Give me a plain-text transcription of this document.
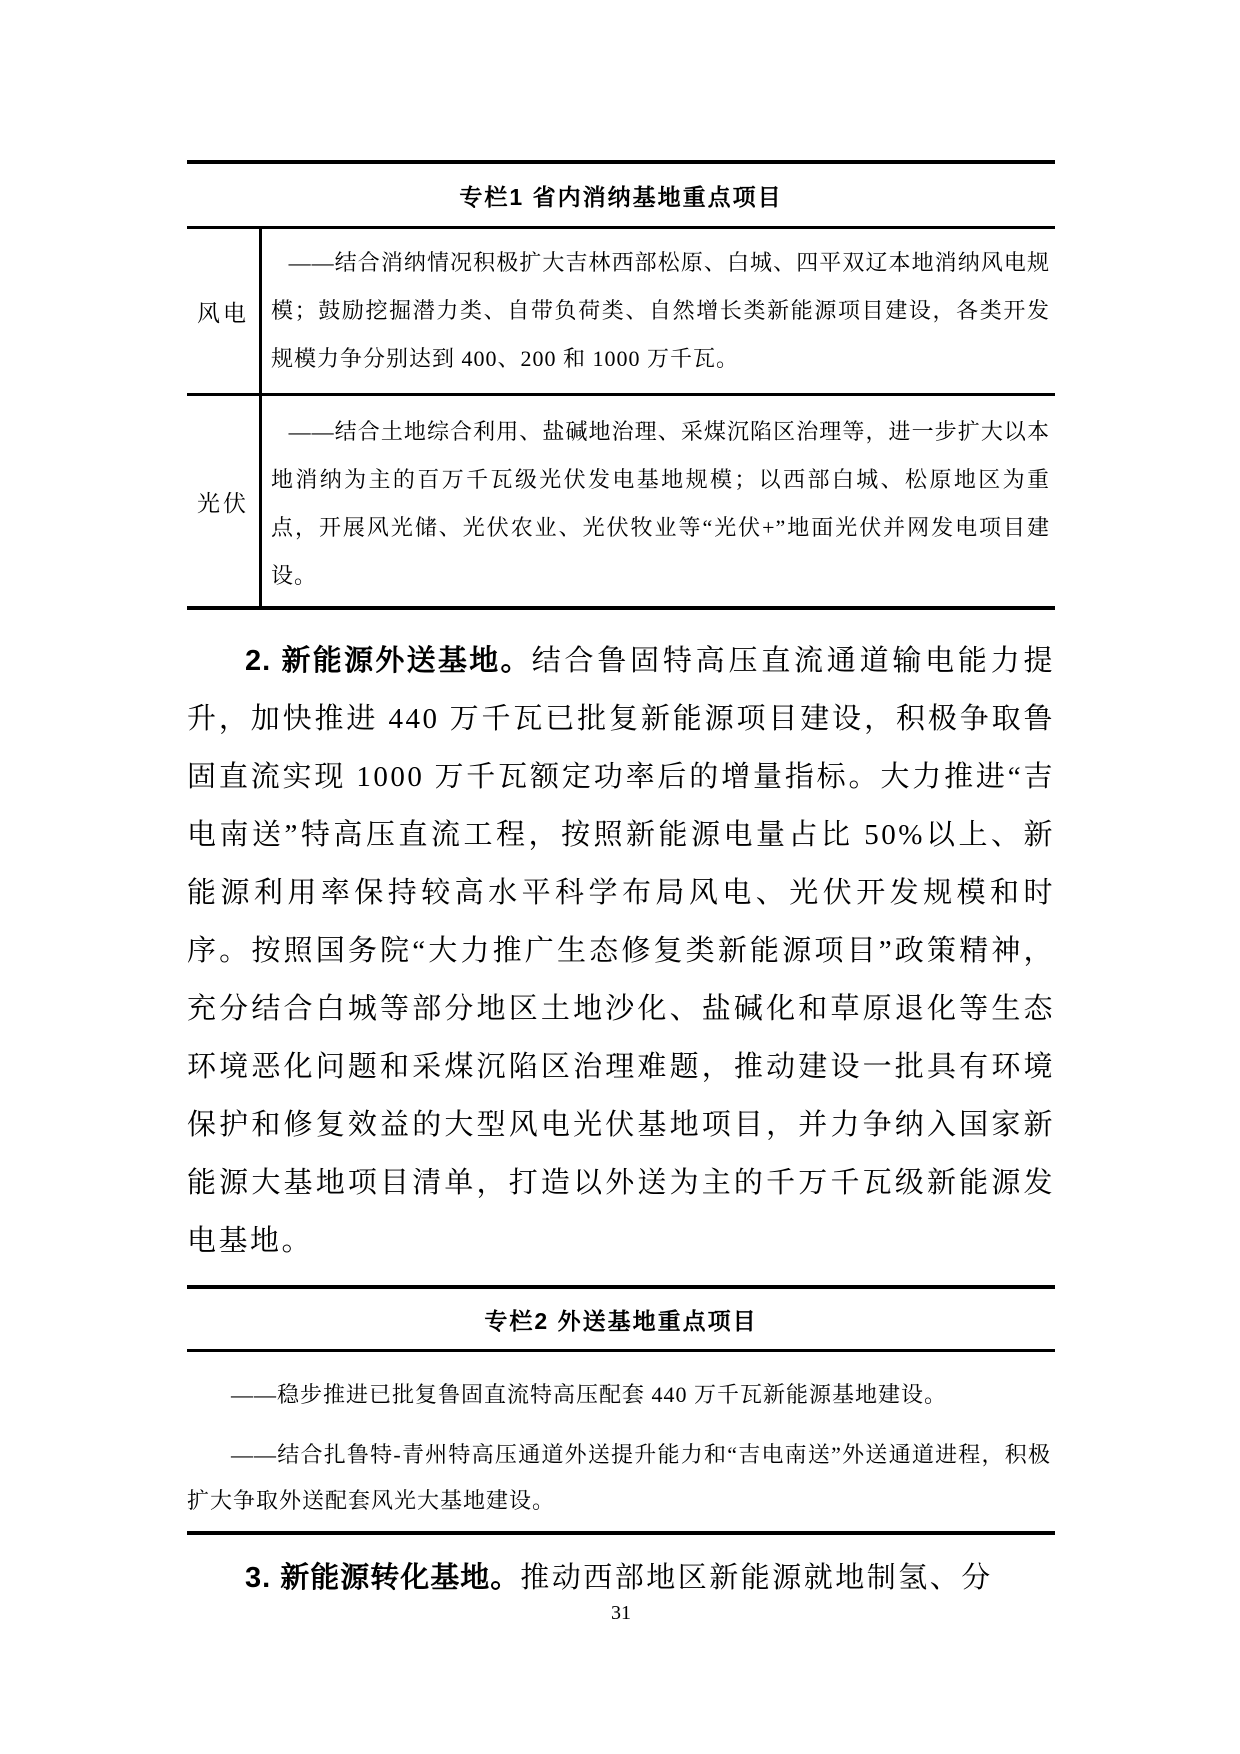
专栏1 省内消纳基地重点项目
风电
——结合消纳情况积极扩大吉林西部松原、白城、四平双辽本地消纳风电规模；鼓励挖掘潜力类、自带负荷类、自然增长类新能源项目建设，各类开发规模力争分别达到 400、200 和 1000 万千瓦。
光伏
——结合土地综合利用、盐碱地治理、采煤沉陷区治理等，进一步扩大以本地消纳为主的百万千瓦级光伏发电基地规模；以西部白城、松原地区为重点，开展风光储、光伏农业、光伏牧业等“光伏+”地面光伏并网发电项目建设。

2. 新能源外送基地。结合鲁固特高压直流通道输电能力提升，加快推进 440 万千瓦已批复新能源项目建设，积极争取鲁固直流实现 1000 万千瓦额定功率后的增量指标。大力推进“吉电南送”特高压直流工程，按照新能源电量占比 50%以上、新能源利用率保持较高水平科学布局风电、光伏开发规模和时序。按照国务院“大力推广生态修复类新能源项目”政策精神，充分结合白城等部分地区土地沙化、盐碱化和草原退化等生态环境恶化问题和采煤沉陷区治理难题，推动建设一批具有环境保护和修复效益的大型风电光伏基地项目，并力争纳入国家新能源大基地项目清单，打造以外送为主的千万千瓦级新能源发电基地。

专栏2 外送基地重点项目

——稳步推进已批复鲁固直流特高压配套 440 万千瓦新能源基地建设。

——结合扎鲁特-青州特高压通道外送提升能力和“吉电南送”外送通道进程，积极扩大争取外送配套风光大基地建设。

3. 新能源转化基地。推动西部地区新能源就地制氢、分

31
